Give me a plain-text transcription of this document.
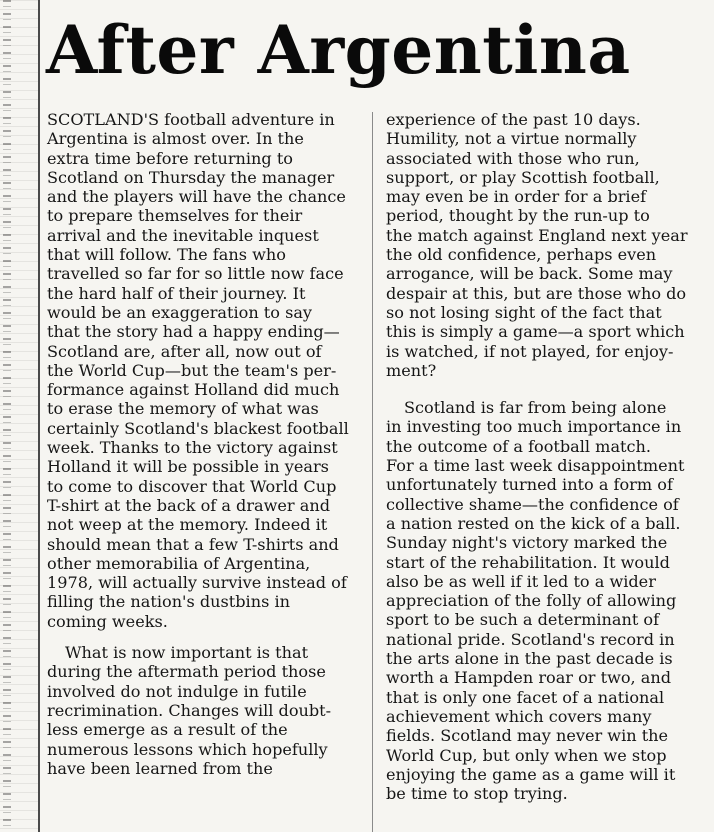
After Argentina

SCOTLAND'S football adventure in
Argentina is almost over. In the
extra time before returning to
Scotland on Thursday the manager
and the players will have the chance
to prepare themselves for their
arrival and the inevitable inquest
that will follow. The fans who
travelled so far for so little now face
the hard half of their journey. It
would be an exaggeration to say
that the story had a happy ending—
Scotland are, after all, now out of
the World Cup—but the team's per-
formance against Holland did much
to erase the memory of what was
certainly Scotland's blackest football
week. Thanks to the victory against
Holland it will be possible in years
to come to discover that World Cup
T-shirt at the back of a drawer and
not weep at the memory. Indeed it
should mean that a few T-shirts and
other memorabilia of Argentina,
1978, will actually survive instead of
filling the nation's dustbins in
coming weeks.

What is now important is that
during the aftermath period those
involved do not indulge in futile
recrimination. Changes will doubt-
less emerge as a result of the
numerous lessons which hopefully
have been learned from the

experience of the past 10 days.
Humility, not a virtue normally
associated with those who run,
support, or play Scottish football,
may even be in order for a brief
period, thought by the run-up to
the match against England next year
the old confidence, perhaps even
arrogance, will be back. Some may
despair at this, but are those who do
so not losing sight of the fact that
this is simply a game—a sport which
is watched, if not played, for enjoy-
ment?

Scotland is far from being alone
in investing too much importance in
the outcome of a football match.
For a time last week disappointment
unfortunately turned into a form of
collective shame—the confidence of
a nation rested on the kick of a ball.
Sunday night's victory marked the
start of the rehabilitation. It would
also be as well if it led to a wider
appreciation of the folly of allowing
sport to be such a determinant of
national pride. Scotland's record in
the arts alone in the past decade is
worth a Hampden roar or two, and
that is only one facet of a national
achievement which covers many
fields. Scotland may never win the
World Cup, but only when we stop
enjoying the game as a game will it
be time to stop trying.
